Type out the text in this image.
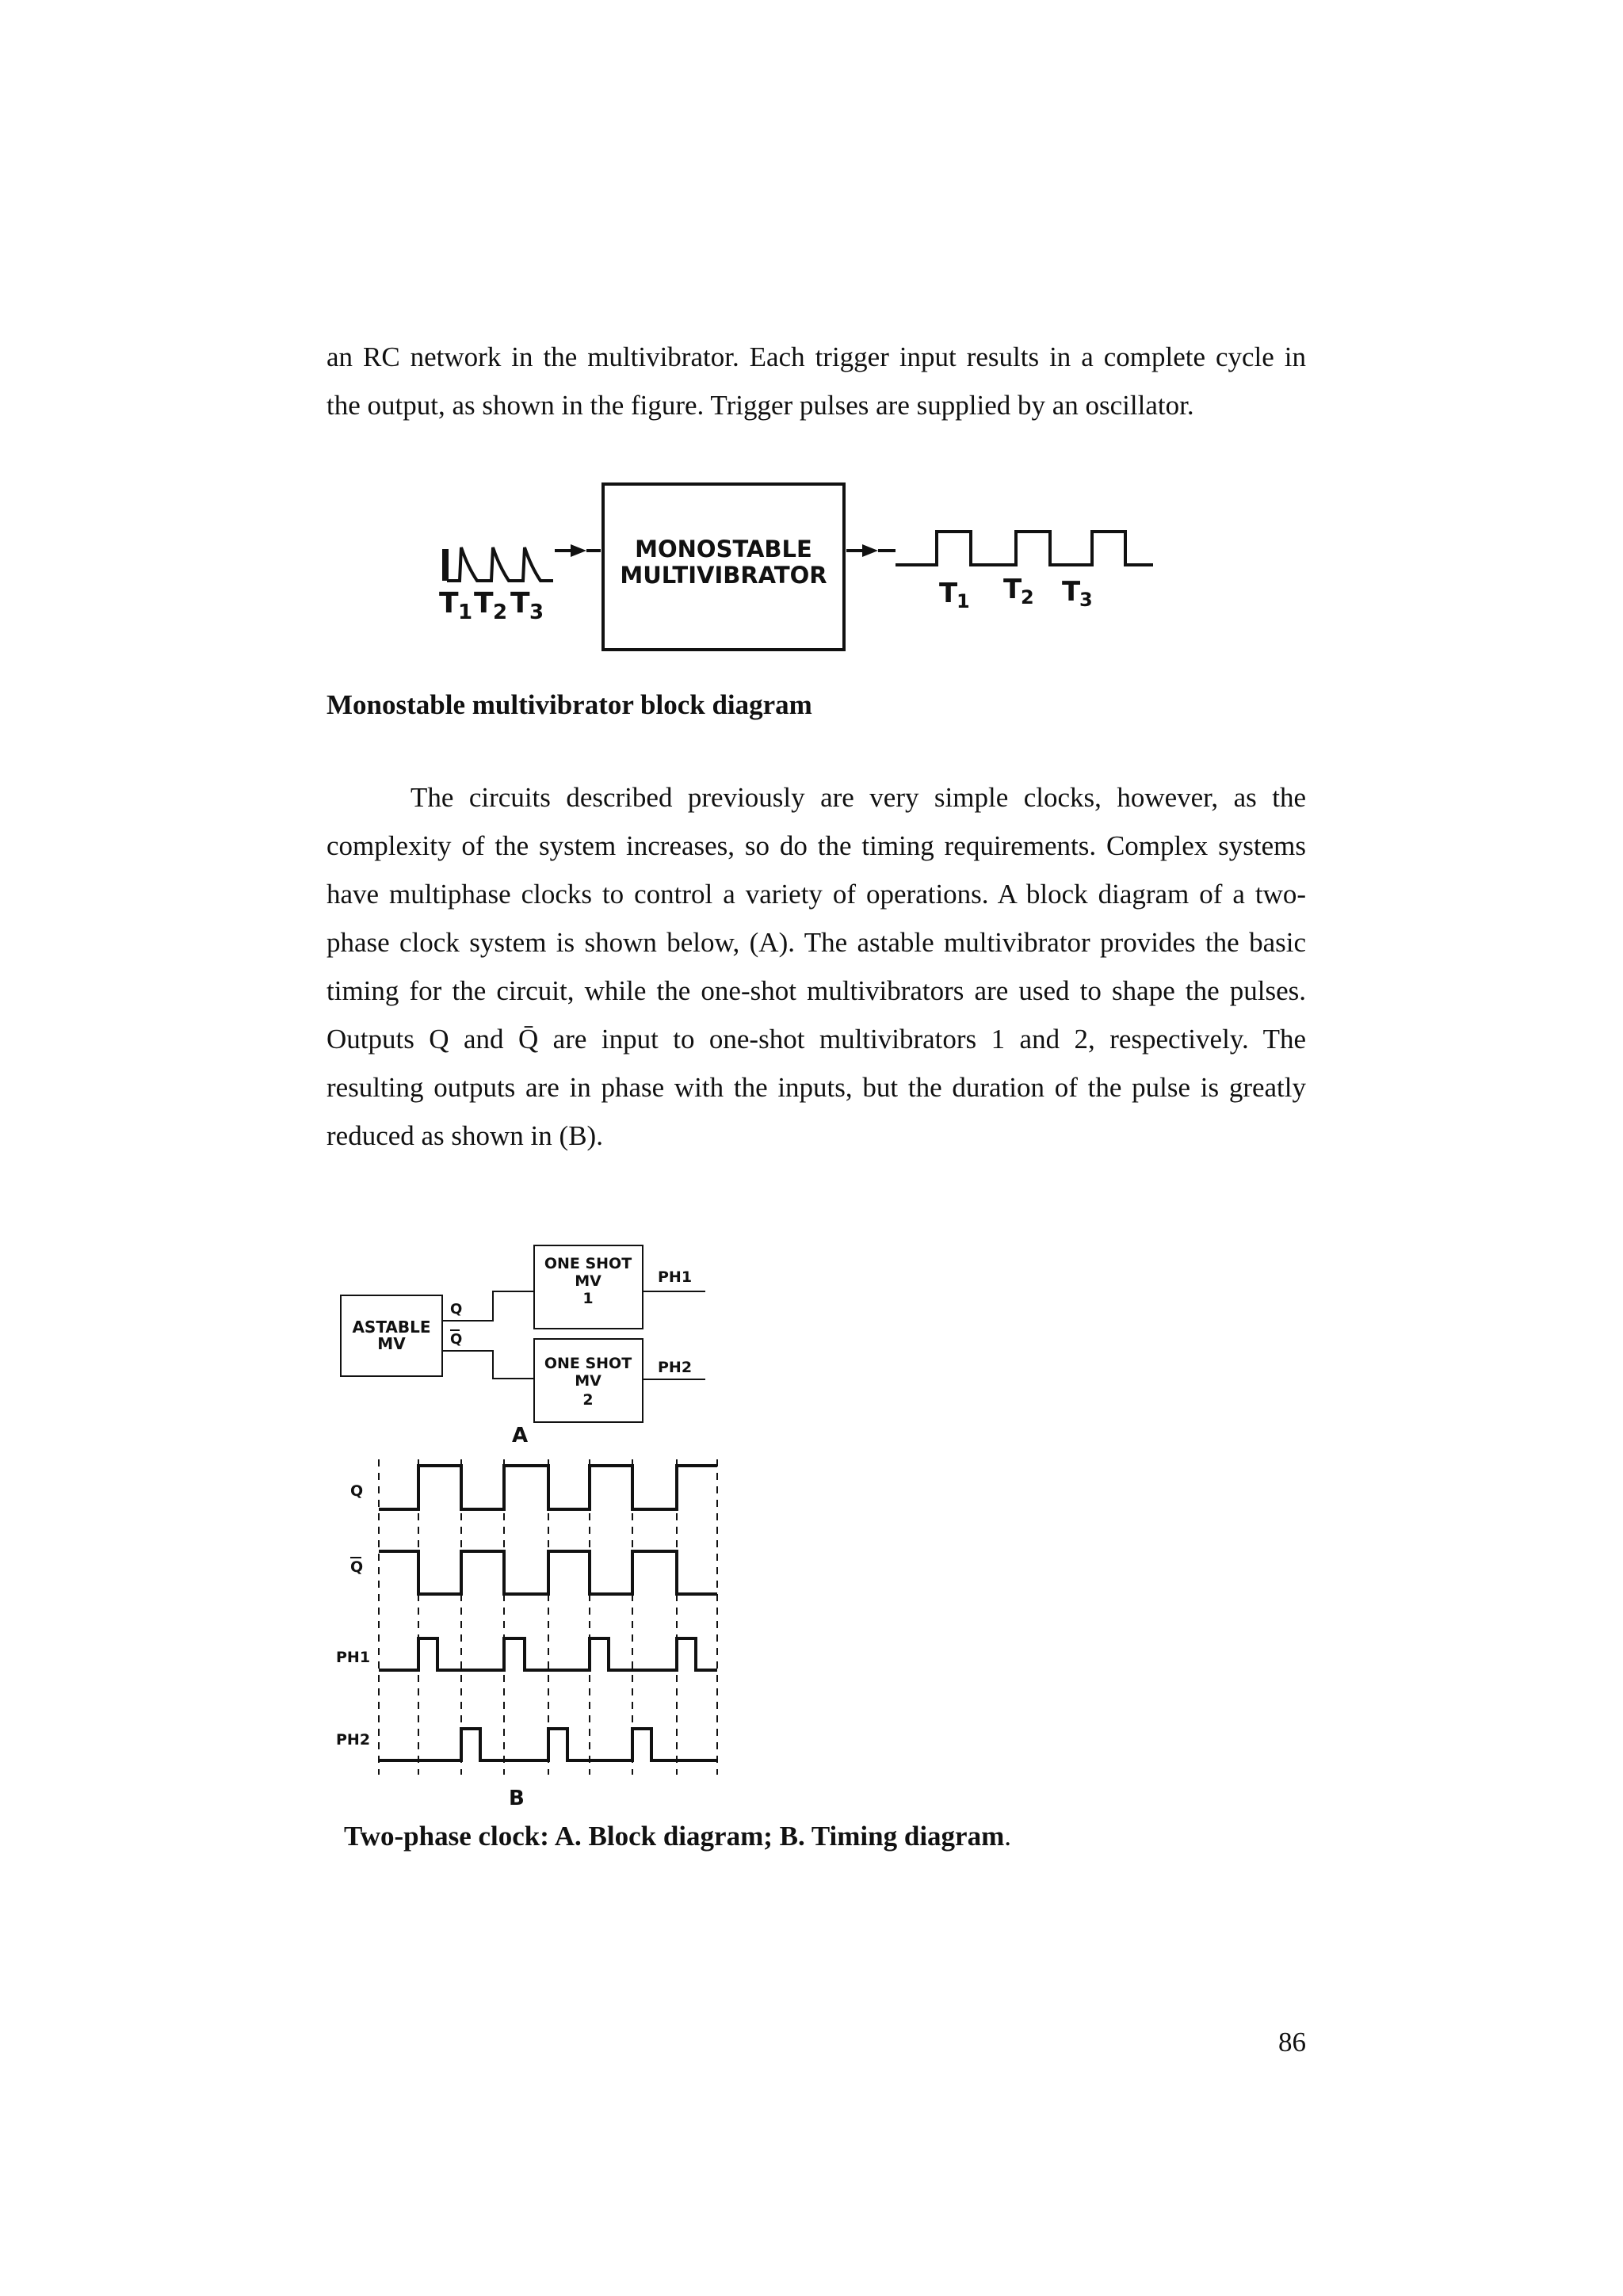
an RC network in the multivibrator. Each trigger input results in a complete cycle in
the output, as shown in the figure. Trigger pulses are supplied by an oscillator.

MONOSTABLE
MULTIVIBRATOR
T 1 T 2 T 3
T
1 T
2 T
3

Monostable multivibrator block diagram

The circuits described previously are very simple clocks, however, as the
complexity of the system increases, so do the timing requirements. Complex systems
have multiphase clocks to control a variety of operations. A block diagram of a two-
phase clock system is shown below, (A). The astable multivibrator provides the basic
timing for the circuit, while the one-shot multivibrators are used to shape the pulses.
Outputs Q and Q̄ are input to one-shot multivibrators 1 and 2, respectively. The
resulting outputs are in phase with the inputs, but the duration of the pulse is greatly
reduced as shown in (B).

ASTABLE
MV
Q
Q
ONE SHOT
MV
1
ONE SHOT
MV
2
PH1
PH2
A
Q
Q
PH1
PH2
B

Two-phase clock: A. Block diagram; B. Timing diagram.

86
